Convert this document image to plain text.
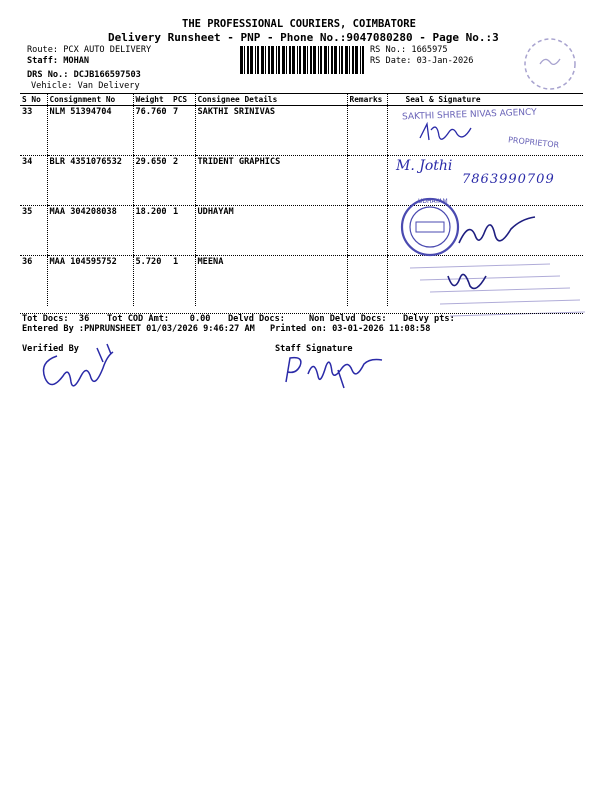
THE PROFESSIONAL COURIERS, COIMBATORE
Delivery Runsheet - PNP - Phone No.:9047080280 - Page No.:3
Route: PCX AUTO DELIVERY
Staff: MOHAN
DRS No.: DCJB166597503
Vehicle: Van Delivery
RS No.: 1665975
RS Date: 03-Jan-2026
S No	Consignment No	Weight	PCS	Consignee Details	Remarks	Seal & Signature
33	NLM 51394704	76.760	7	SAKTHI SRINIVAS		
34	BLR 4351076532	29.650	2	TRIDENT GRAPHICS		
35	MAA 304208038	18.200	1	UDHAYAM		
36	MAA 104595752	5.720	1	MEENA		
SAKTHI SHREE NIVAS AGENCY
PROPRIETOR
M. Jothi
7863990709
UDHAYAM
Tot Docs:  36 Tot COD Amt:    0.00 Delvd Docs:	Non Delvd Docs: Delvy pts:
Entered By :PNPRUNSHEET 01/03/2026 9:46:27 AM Printed on: 03-01-2026 11:08:58
Verified By	Staff Signature
